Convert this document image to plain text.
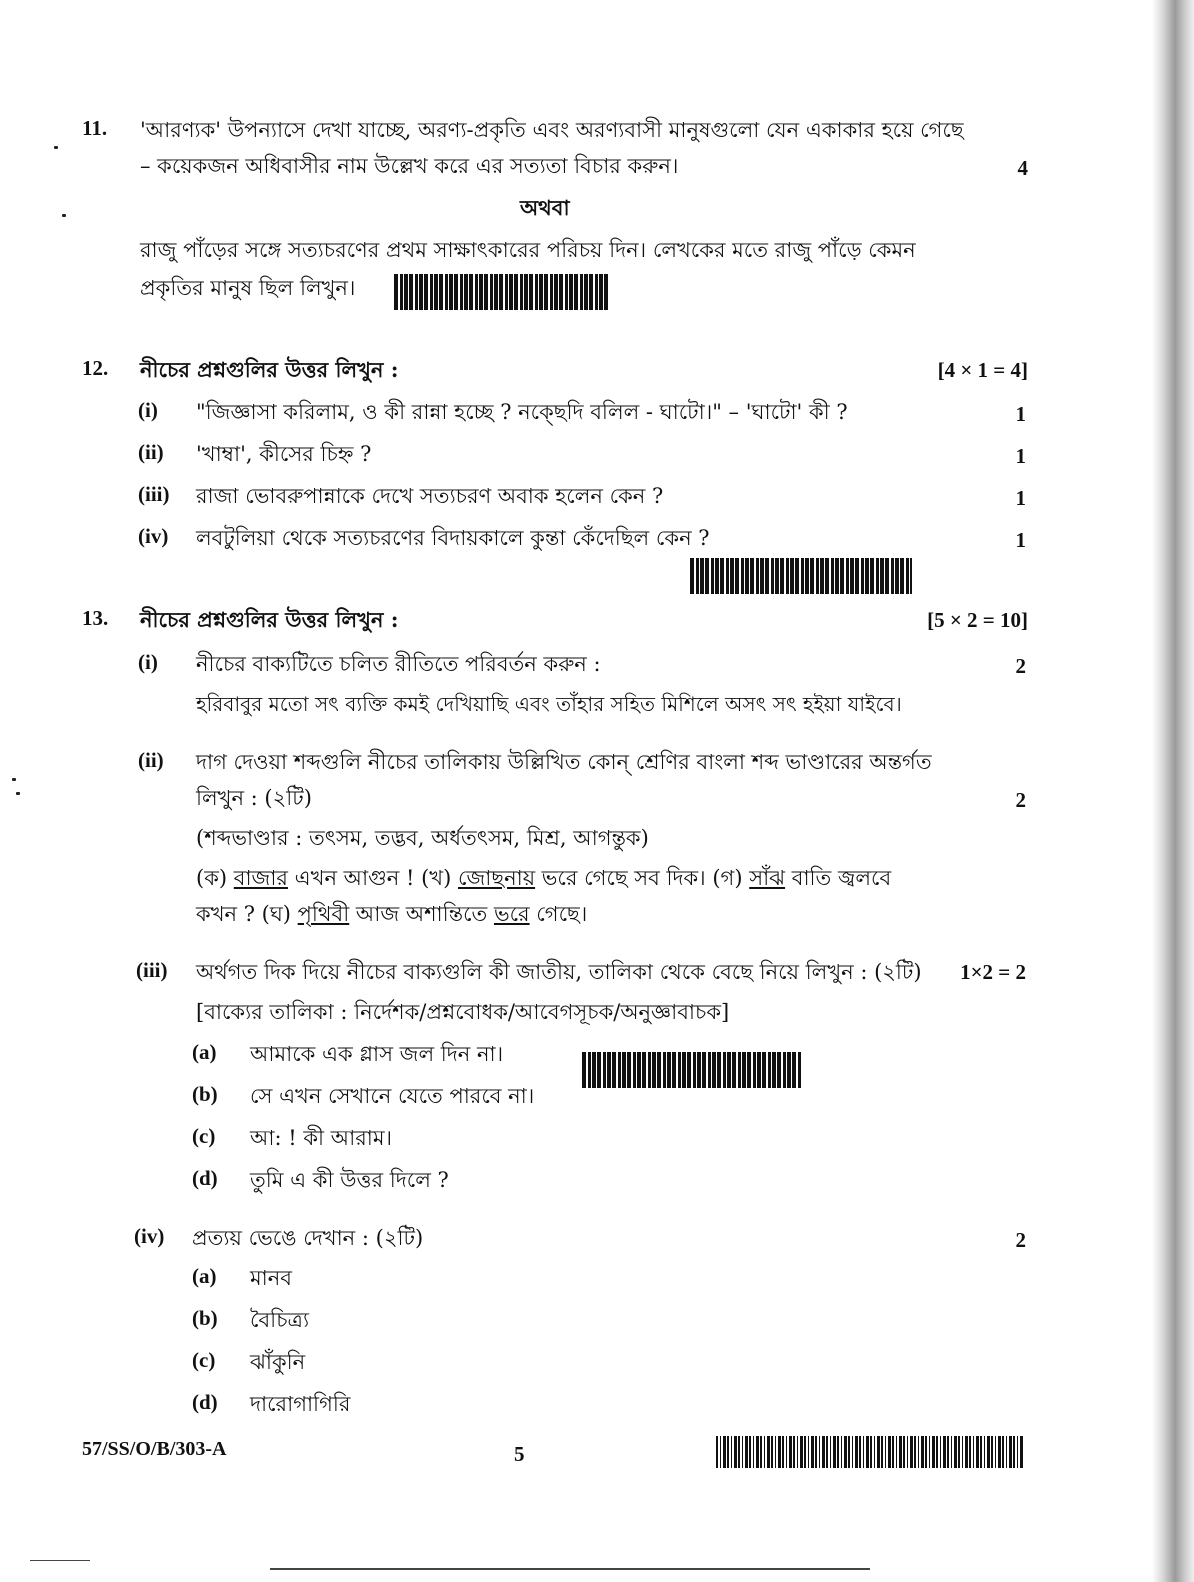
11. 'আরণ্যক' উপন্যাসে দেখা যাচ্ছে, অরণ্য-প্রকৃতি এবং অরণ্যবাসী মানুষগুলো যেন একাকার হয়ে গেছে
– কয়েকজন অধিবাসীর নাম উল্লেখ করে এর সত্যতা বিচার করুন।	4
অথবা
রাজু পাঁড়ের সঙ্গে সত্যচরণের প্রথম সাক্ষাৎকারের পরিচয় দিন। লেখকের মতে রাজু পাঁড়ে কেমন
প্রকৃতির মানুষ ছিল লিখুন।
12. নীচের প্রশ্নগুলির উত্তর লিখুন :	[4 × 1 = 4]
(i) "জিজ্ঞাসা করিলাম, ও কী রান্না হচ্ছে ? নক্ছেদি বলিল - ঘাটো।" – 'ঘাটো' কী ?	1
(ii) 'খাম্বা', কীসের চিহ্ন ?	1
(iii) রাজা ভোবরুপান্নাকে দেখে সত্যচরণ অবাক হলেন কেন ?	1
(iv) লবটুলিয়া থেকে সত্যচরণের বিদায়কালে কুন্তা কেঁদেছিল কেন ?	1
13. নীচের প্রশ্নগুলির উত্তর লিখুন :	[5 × 2 = 10]
(i) নীচের বাক্যটিতে চলিত রীতিতে পরিবর্তন করুন :	2
হরিবাবুর মতো সৎ ব্যক্তি কমই দেখিয়াছি এবং তাঁহার সহিত মিশিলে অসৎ সৎ হইয়া যাইবে।
(ii) দাগ দেওয়া শব্দগুলি নীচের তালিকায় উল্লিখিত কোন্ শ্রেণির বাংলা শব্দ ভাণ্ডারের অন্তর্গত
লিখুন : (২টি)	2
(শব্দভাণ্ডার : তৎসম, তদ্ভব, অর্ধতৎসম, মিশ্র, আগন্তুক)
(ক) বাজার এখন আগুন ! (খ) জোছনায় ভরে গেছে সব দিক। (গ) সাঁঝ বাতি জ্বলবে
কখন ? (ঘ) পৃথিবী আজ অশান্তিতে ভরে গেছে।
(iii) অর্থগত দিক দিয়ে নীচের বাক্যগুলি কী জাতীয়, তালিকা থেকে বেছে নিয়ে লিখুন : (২টি)	1×2 = 2
[বাক্যের তালিকা : নির্দেশক/প্রশ্নবোধক/আবেগসূচক/অনুজ্ঞাবাচক]
(a) আমাকে এক গ্লাস জল দিন না।
(b) সে এখন সেখানে যেতে পারবে না।
(c) আ: ! কী আরাম।
(d) তুমি এ কী উত্তর দিলে ?
(iv) প্রত্যয় ভেঙে দেখান : (২টি)	2
(a) মানব
(b) বৈচিত্র্য
(c) ঝাঁকুনি
(d) দারোগাগিরি
57/SS/O/B/303-A	5
